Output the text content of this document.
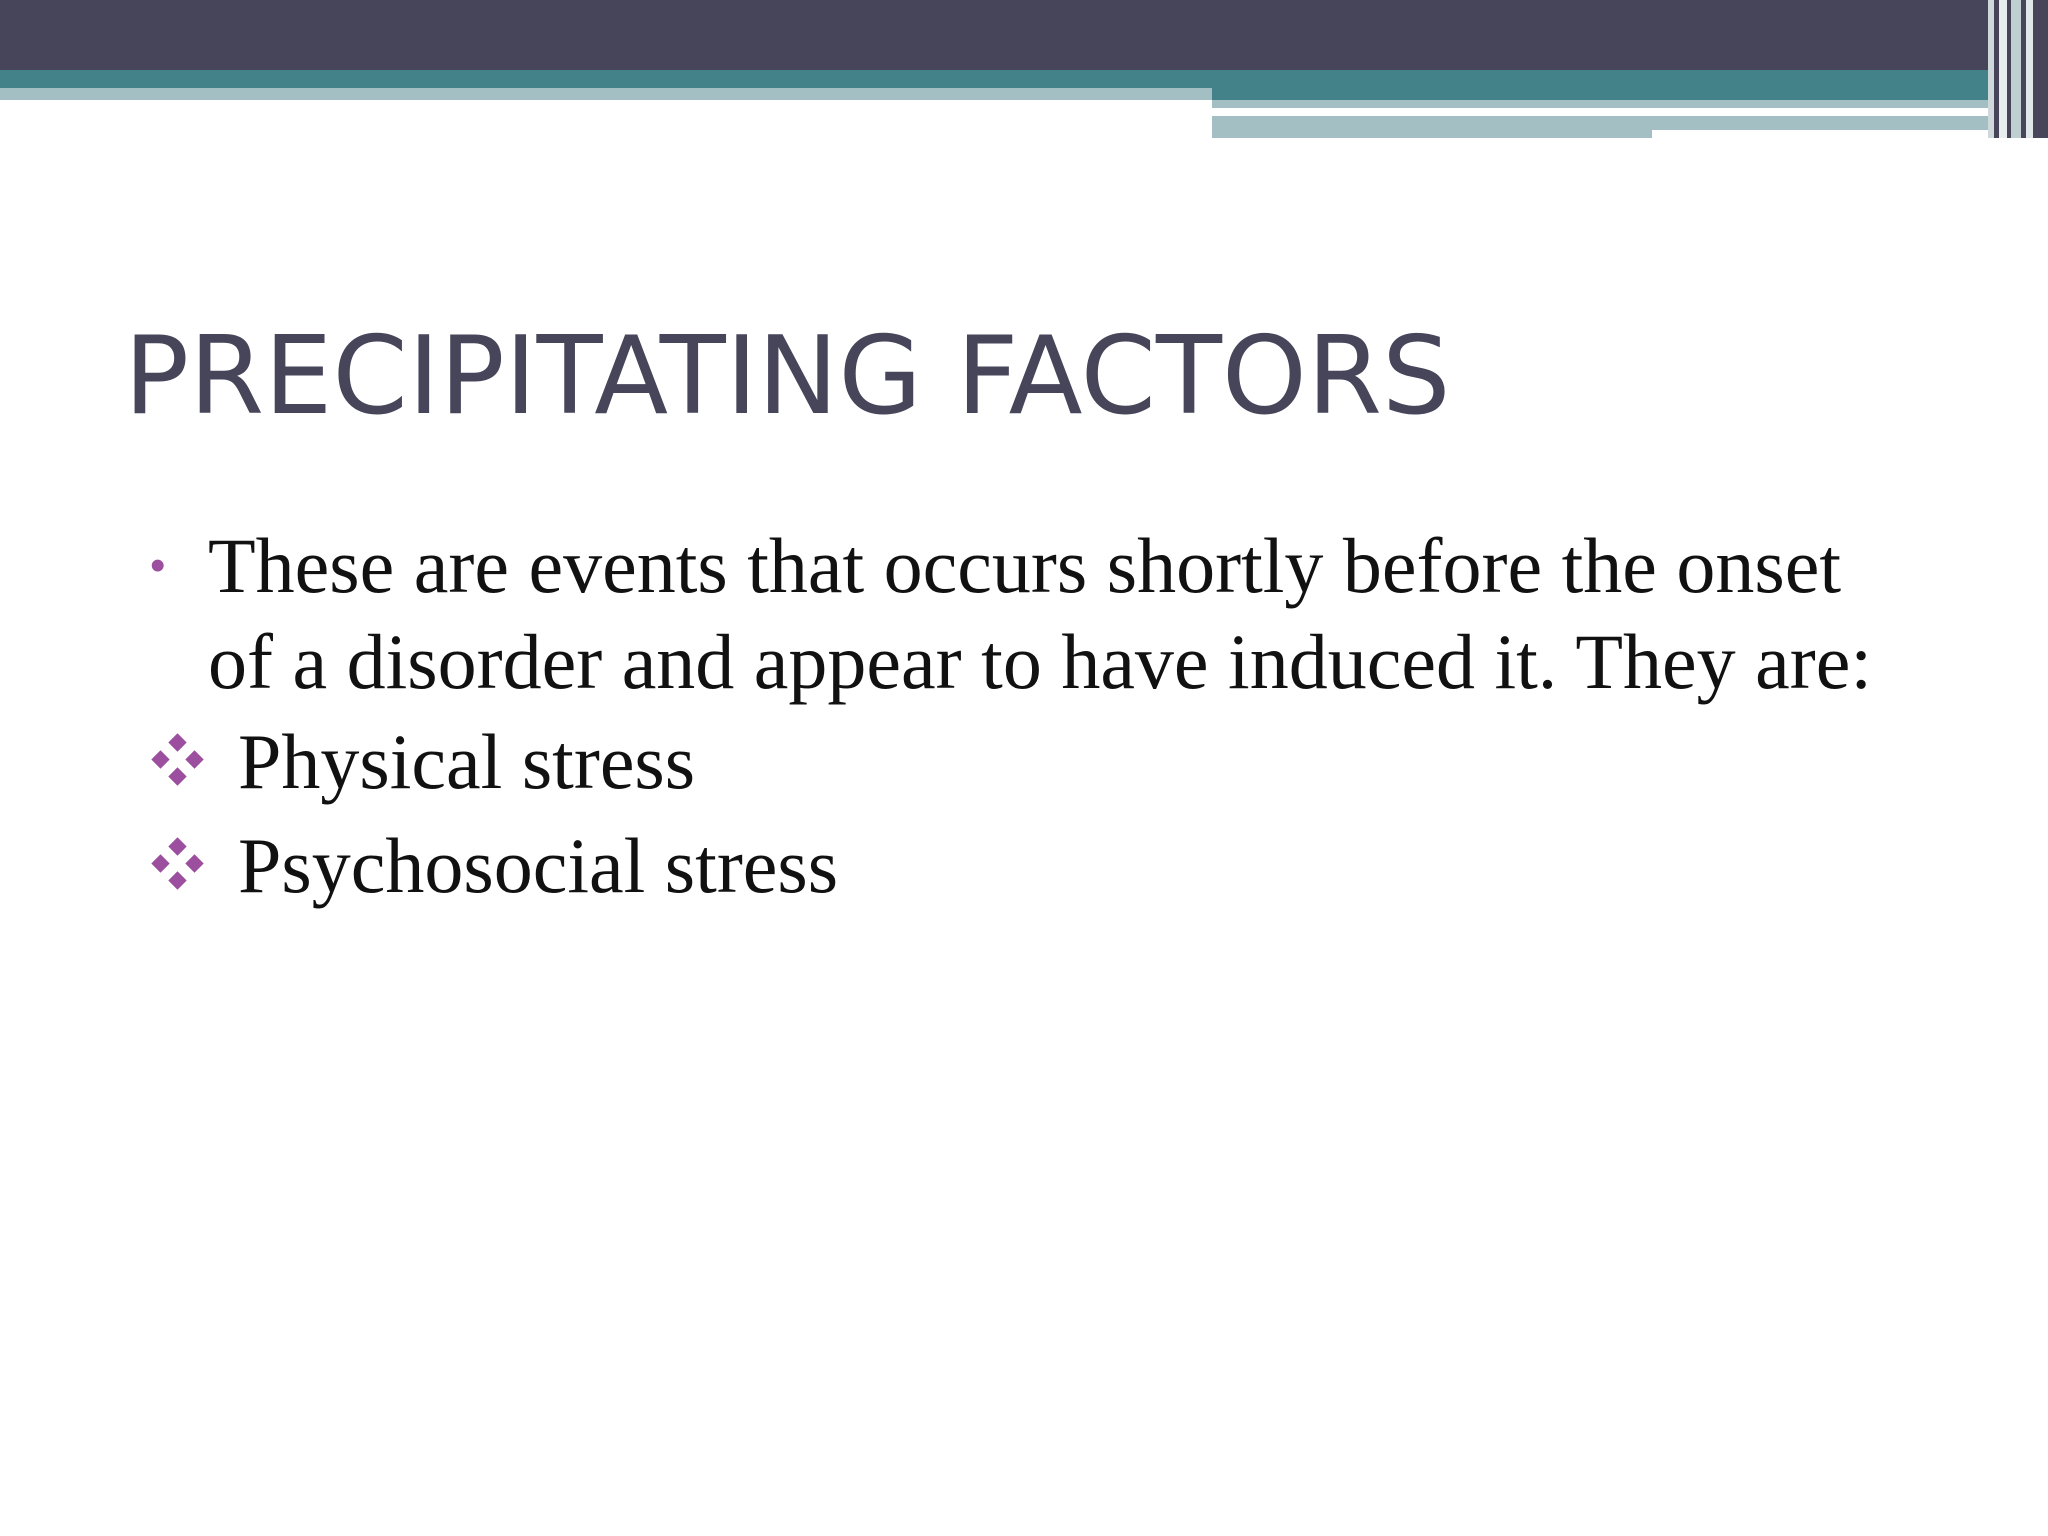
PRECIPITATING FACTORS
• These are events that occurs shortly before the onset of a disorder and appear to have induced it. They are:
Physical stress
Psychosocial stress
